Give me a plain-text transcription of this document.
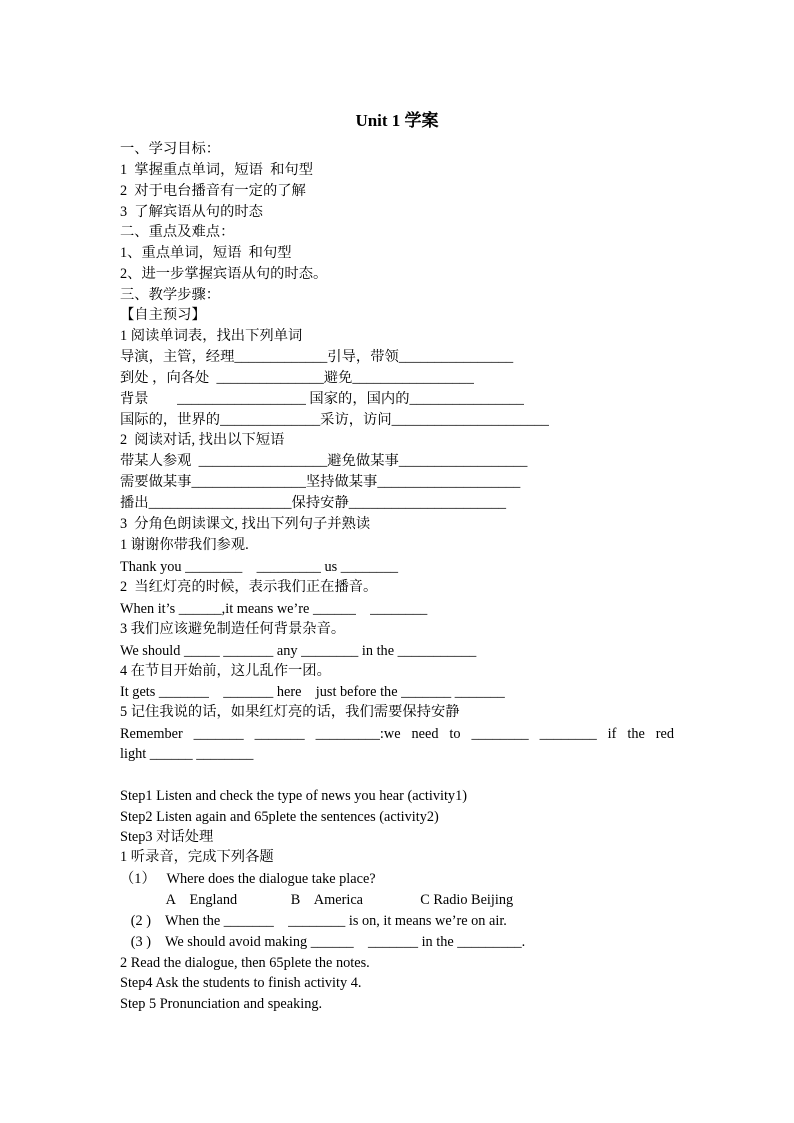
Unit 1 学案
一、学习目标：
1  掌握重点单词，短语  和句型
2  对于电台播音有一定的了解
3  了解宾语从句的时态
二、重点及难点：
1、重点单词，短语  和句型
2、进一步掌握宾语从句的时态。
三、教学步骤：
【自主预习】
1 阅读单词表，找出下列单词
导演，主管，经理_____________引导，带领________________
到处 ，向各处  _______________避免_________________
背景        __________________ 国家的，国内的________________
国际的，世界的______________采访，访问______________________
2  阅读对话, 找出以下短语
带某人参观  __________________避免做某事__________________
需要做某事________________坚持做某事____________________
播出____________________保持安静______________________
3  分角色朗读课文, 找出下列句子并熟读
1 谢谢你带我们参观.
Thank you ________    _________ us ________
2  当红灯亮的时候，表示我们正在播音。
When it’s ______,it means we’re ______    ________
3 我们应该避免制造任何背景杂音。
We should _____ _______ any ________ in the ___________
4 在节目开始前，这儿乱作一团。
It gets _______    _______ here    just before the _______ _______
5 记住我说的话，如果红灯亮的话，我们需要保持安静
Remember _______ _______ _________:we need to ________ ________ if the red
light ______ ________
Step1 Listen and check the type of news you hear (activity1)
Step2 Listen again and 65plete the sentences (activity2)
Step3 对话处理
1 听录音，完成下列各题
（1）   Where does the dialogue take place?
A    England               B    America                C Radio Beijing
(2 )    When the _______    ________ is on, it means we’re on air.
(3 )    We should avoid making ______    _______ in the _________.
2 Read the dialogue, then 65plete the notes.
Step4 Ask the students to finish activity 4.
Step 5 Pronunciation and speaking.
